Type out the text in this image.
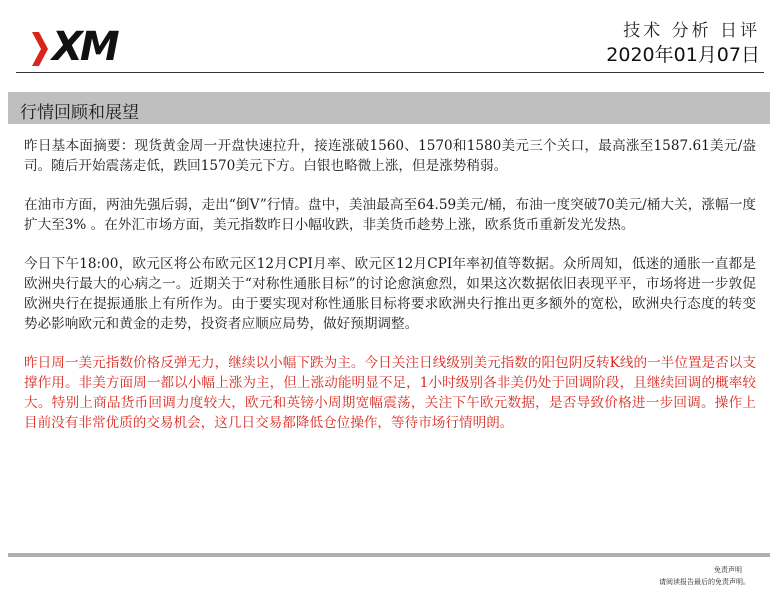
XM	技术 分析 日评
2020年01月07日
行情回顾和展望

昨日基本面摘要：现货黄金周一开盘快速拉升，接连涨破1560、1570和1580美元三个关口，最高涨至1587.61美元/盎司。随后开始震荡走低，跌回1570美元下方。白银也略微上涨，但是涨势稍弱。

在油市方面，两油先强后弱，走出“倒V”行情。盘中，美油最高至64.59美元/桶，布油一度突破70美元/桶大关，涨幅一度扩大至3% 。在外汇市场方面，美元指数昨日小幅收跌，非美货币趁势上涨，欧系货币重新发光发热。

今日下午18:00，欧元区将公布欧元区12月CPI月率、欧元区12月CPI年率初值等数据。众所周知，低迷的通胀一直都是欧洲央行最大的心病之一。近期关于“对称性通胀目标”的讨论愈演愈烈，如果这次数据依旧表现平平，市场将进一步敦促欧洲央行在提振通胀上有所作为。由于要实现对称性通胀目标将要求欧洲央行推出更多额外的宽松，欧洲央行态度的转变势必影响欧元和黄金的走势，投资者应顺应局势，做好预期调整。

昨日周一美元指数价格反弹无力，继续以小幅下跌为主。今日关注日线级别美元指数的阳包阴反转K线的一半位置是否以支撑作用。非美方面周一都以小幅上涨为主，但上涨动能明显不足，1小时级别各非美仍处于回调阶段，且继续回调的概率较大。特别上商品货币回调力度较大，欧元和英镑小周期宽幅震荡，关注下午欧元数据，是否导致价格进一步回调。操作上目前没有非常优质的交易机会，这几日交易都降低仓位操作，等待市场行情明朗。

免责声明
请阅读报告最后的免责声明。
